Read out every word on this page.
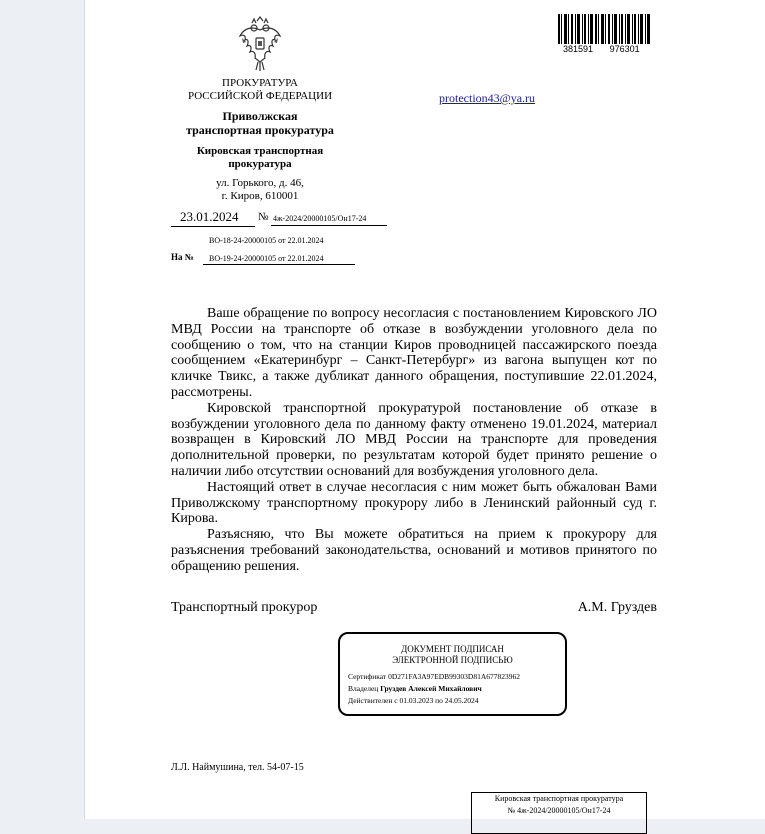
381591 976301
ПРОКУРАТУРА
РОССИЙСКОЙ ФЕДЕРАЦИИ
Приволжская
транспортная прокуратура
Кировская транспортная
прокуратура
ул. Горького, д. 46,
г. Киров, 610001
protection43@ya.ru
23.01.2024 № 4ж-2024/20000105/Он17-24
ВО-18-24-20000105 от 22.01.2024
На № ВО-19-24-20000105 от 22.01.2024

Ваше обращение по вопросу несогласия с постановлением Кировского ЛО МВД России на транспорте об отказе в возбуждении уголовного дела по сообщению о том, что на станции Киров проводницей пассажирского поезда сообщением «Екатеринбург – Санкт-Петербург» из вагона выпущен кот по кличке Твикс, а также дубликат данного обращения, поступившие 22.01.2024, рассмотрены.

Кировской транспортной прокуратурой постановление об отказе в возбуждении уголовного дела по данному факту отменено 19.01.2024, материал возвращен в Кировский ЛО МВД России на транспорте для проведения дополнительной проверки, по результатам которой будет принято решение о наличии либо отсутствии оснований для возбуждения уголовного дела.

Настоящий ответ в случае несогласия с ним может быть обжалован Вами Приволжскому транспортному прокурору либо в Ленинский районный суд г. Кирова.

Разъясняю, что Вы можете обратиться на прием к прокурору для разъяснения требований законодательства, оснований и мотивов принятого по обращению решения.

Транспортный прокурор	А.М. Груздев
ДОКУМЕНТ ПОДПИСАН
ЭЛЕКТРОННОЙ ПОДПИСЬЮ
Сертификат 0D271FA3A97EDB99303D81A677823962
Владелец Груздев Алексей Михайлович
Действителен с 01.03.2023 по 24.05.2024
Л.Л. Наймушина, тел. 54-07-15
Кировская транспортная прокуратура
№ 4ж-2024/20000105/Он17-24
